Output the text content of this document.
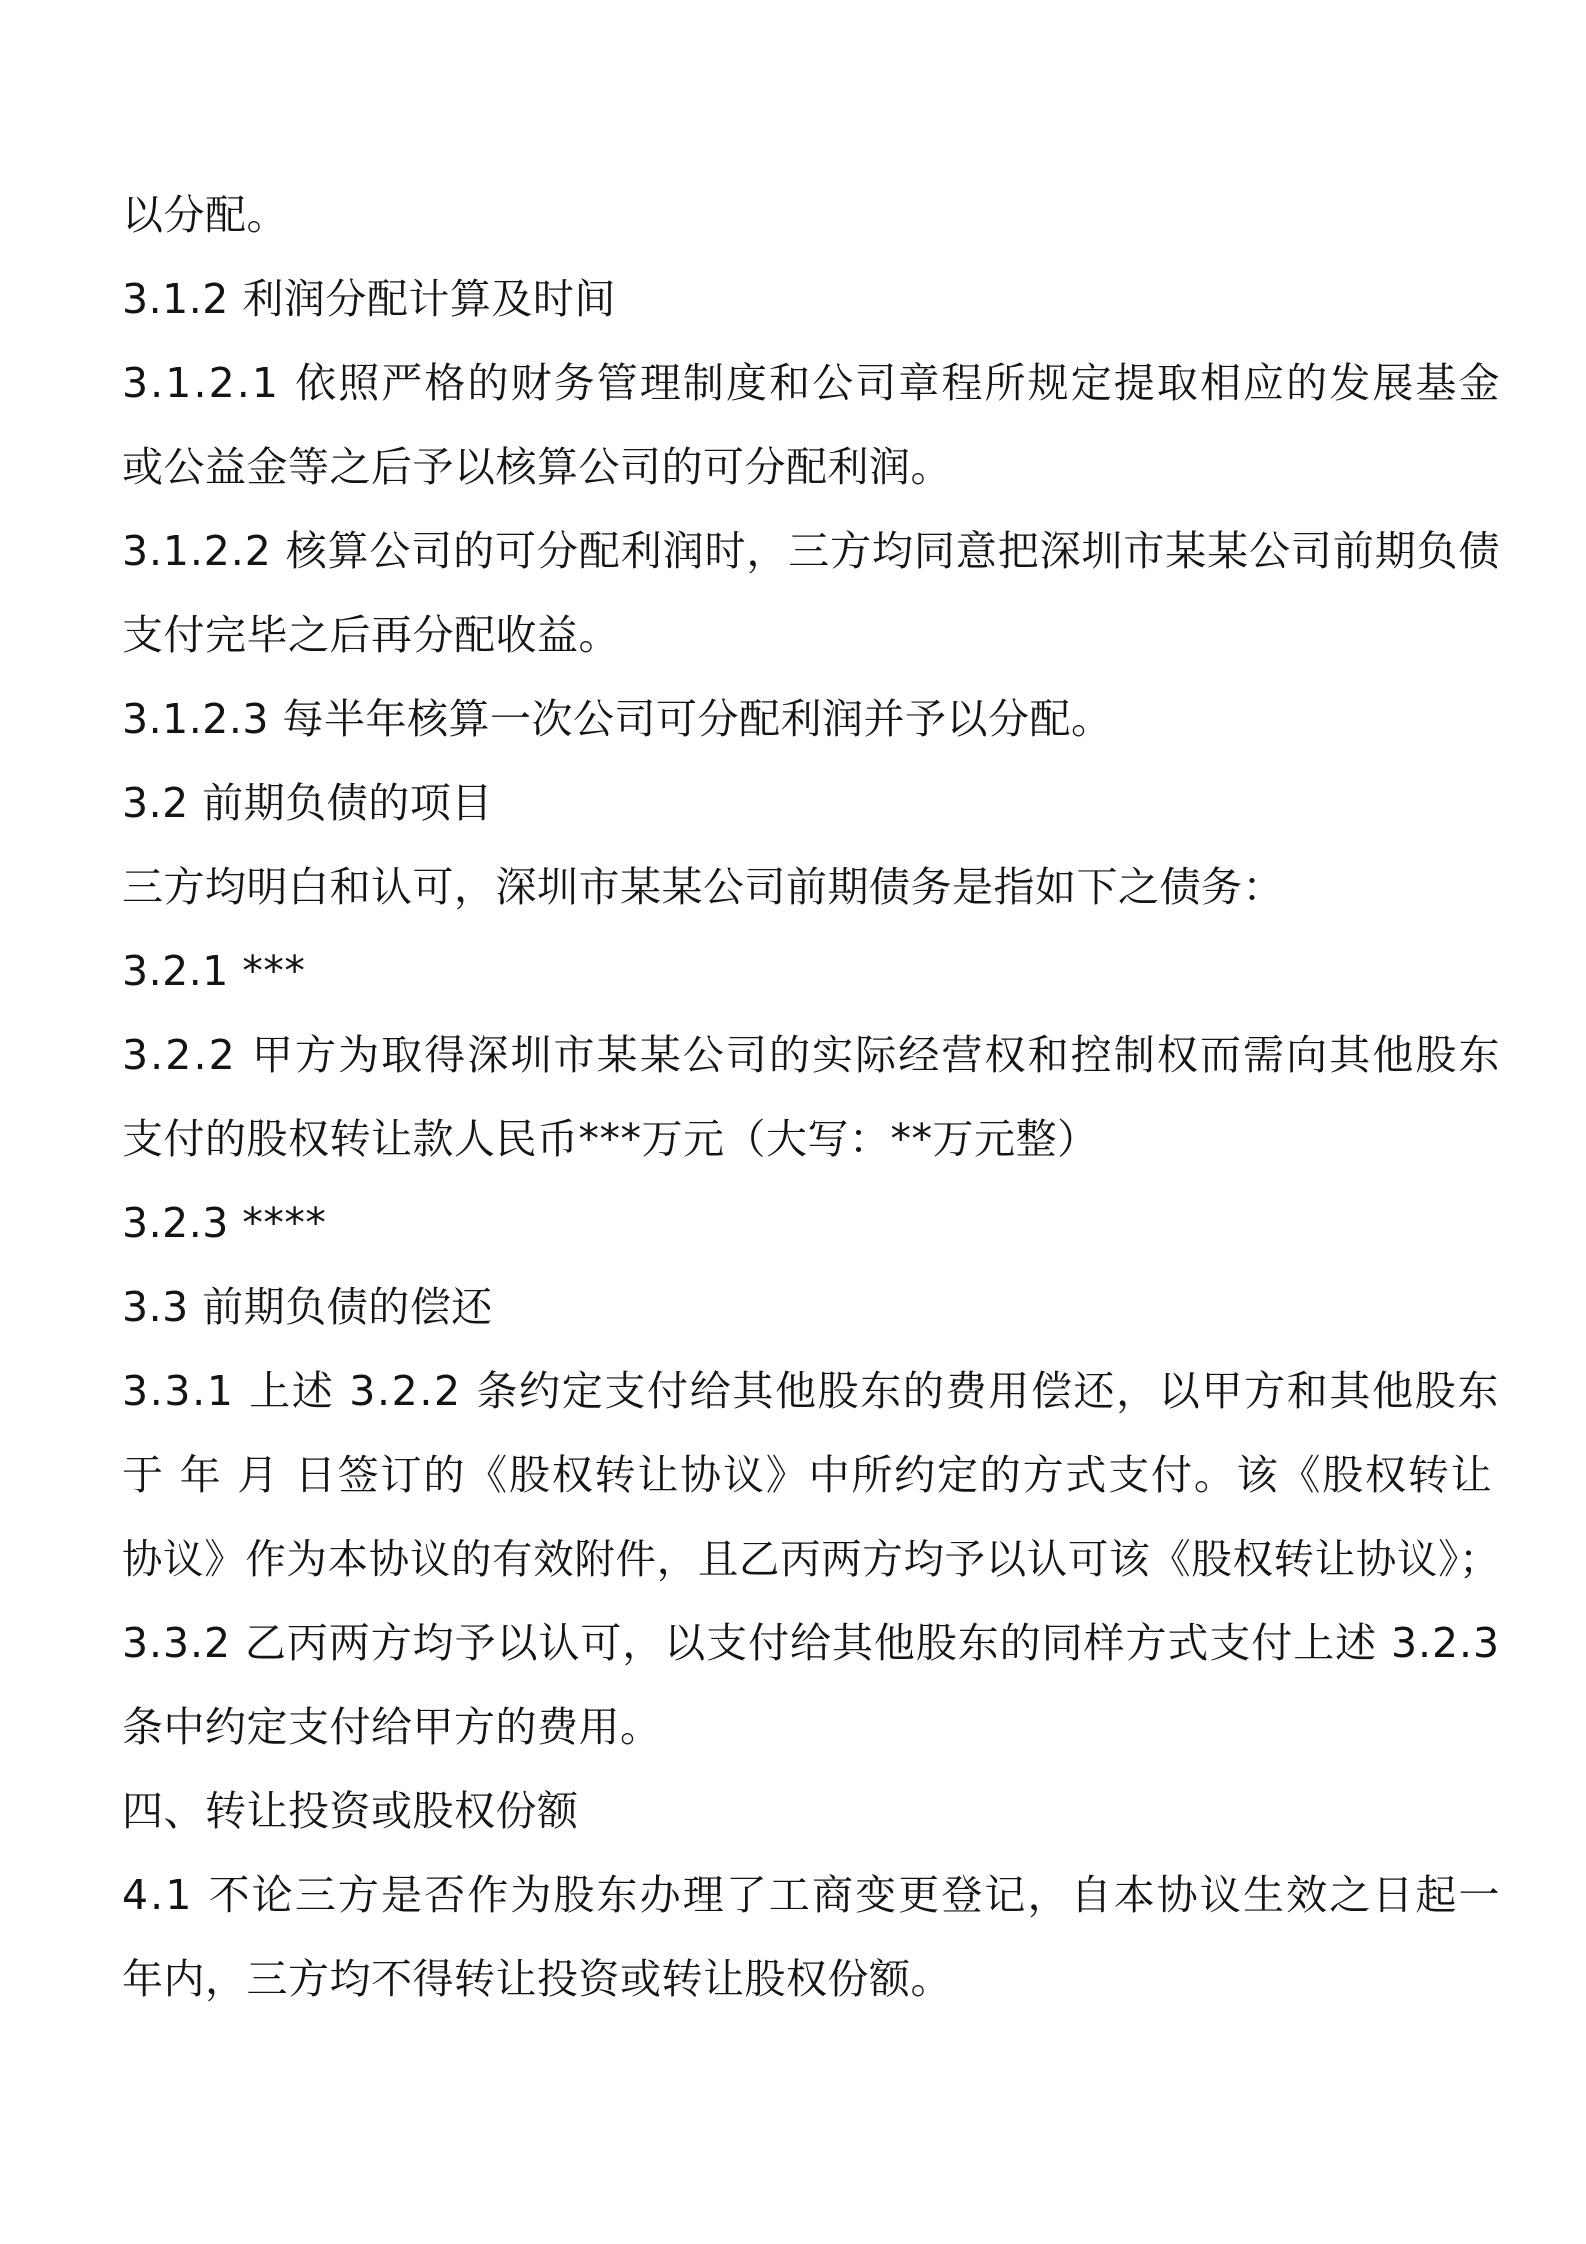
以分配。
3.1.2 利润分配计算及时间
3.1.2.1 依照严格的财务管理制度和公司章程所规定提取相应的发展基金
或公益金等之后予以核算公司的可分配利润。
3.1.2.2 核算公司的可分配利润时，三方均同意把深圳市某某公司前期负债
支付完毕之后再分配收益。
3.1.2.3 每半年核算一次公司可分配利润并予以分配。
3.2 前期负债的项目
三方均明白和认可，深圳市某某公司前期债务是指如下之债务：
3.2.1 ***
3.2.2 甲方为取得深圳市某某公司的实际经营权和控制权而需向其他股东
支付的股权转让款人民币***万元（大写：**万元整）
3.2.3 ****
3.3 前期负债的偿还
3.3.1 上述 3.2.2 条约定支付给其他股东的费用偿还，以甲方和其他股东
于 年 月 日签订的《股权转让协议》中所约定的方式支付。该《股权转让
协议》作为本协议的有效附件，且乙丙两方均予以认可该《股权转让协议》；
3.3.2 乙丙两方均予以认可，以支付给其他股东的同样方式支付上述 3.2.3
条中约定支付给甲方的费用。
四、转让投资或股权份额
4.1 不论三方是否作为股东办理了工商变更登记，自本协议生效之日起一
年内，三方均不得转让投资或转让股权份额。
